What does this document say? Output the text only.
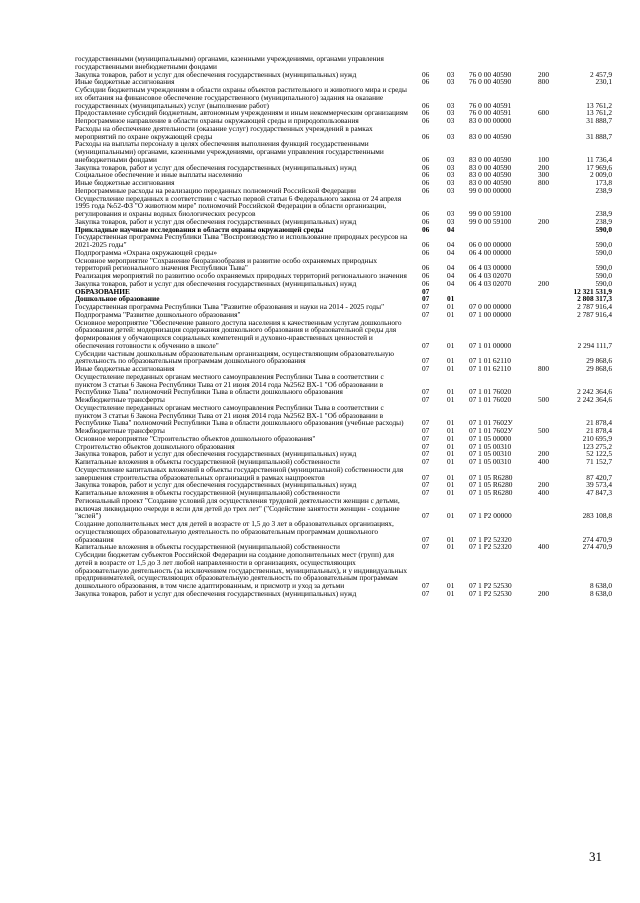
государственными (муниципальными) органами, казенными учреждениями, органами управления государственными внебюджетными фондами
Закупка товаров, работ и услуг для обеспечения государственных (муниципальных) нужд	06 03 76 0 00 40590	200	2 457,9
Иные бюджетные ассигнования	06 03 76 0 00 40590	800	230,1
Субсидии бюджетным учреждениям в области охраны объектов растительного и животного мира и среды их обитания на финансовое обеспечение государственного (муниципального) задания на оказание государственных (муниципальных) услуг (выполнение работ)	06 03 76 0 00 40591	13 761,2
Предоставление субсидий бюджетным, автономным учреждениям и иным некоммерческим организациям 06 03 76 0 00 40591	600	13 761,2
Непрограммное направление в области охраны окружающей среды и природопользования	06 03 83 0 00 00000	31 888,7
Расходы на обеспечение деятельности (оказание услуг) государственных учреждений в рамках мероприятий по охране окружающей среды	06 03 83 0 00 40590	31 888,7
Расходы на выплаты персоналу в целях обеспечения выполнения функций государственными (муниципальными) органами, казенными учреждениями, органами управления государственными внебюджетными фондами	06 03 83 0 00 40590	100	11 736,4
Закупка товаров, работ и услуг для обеспечения государственных (муниципальных) нужд	06 03 83 0 00 40590	200	17 969,6
Социальное обеспечение и иные выплаты населению	06 03 83 0 00 40590	300	2 009,0
Иные бюджетные ассигнования	06 03 83 0 00 40590	800	173,8
Непрограммные расходы на реализацию переданных полномочий Российской Федерации	06 03 99 0 00 00000	238,9
Осуществление переданных в соответствии с частью первой статьи 6 Федерального закона от 24 апреля 1995 года №52-ФЗ "О животном мире" полномочий Российской Федерации в области организации, регулирования и охраны водных биологических ресурсов	06 03 99 0 00 59100	238,9
Закупка товаров, работ и услуг для обеспечения государственных (муниципальных) нужд	06 03 99 0 00 59100	200	238,9
Прикладные научные исследования в области охраны окружающей среды	06 04	590,0
Государственная программа Республики Тыва "Воспроизводство и использование природных ресурсов на 2021-2025 годы"	06 04 06 0 00 00000	590,0
Подпрограмма «Охрана окружающей среды»	06 04 06 4 00 00000	590,0
Основное мероприятие "Сохранение биоразнообразия и развитие особо охраняемых природных территорий регионального значения Республики Тыва"	06 04 06 4 03 00000	590,0
Реализация мероприятий по развитию особо охраняемых природных территорий регионального значения	06 04 06 4 03 02070	590,0
Закупка товаров, работ и услуг для обеспечения государственных (муниципальных) нужд	06 04 06 4 03 02070	200	590,0
ОБРАЗОВАНИЕ	07	12 321 531,9
Дошкольное образование	07 01	2 808 317,3
Государственная программа Республики Тыва "Развитие образования и науки на 2014 - 2025 годы"	07 01 07 0 00 00000	2 787 916,4
Подпрограмма "Развитие дошкольного образования"	07 01 07 1 00 00000	2 787 916,4
Основное мероприятие "Обеспечение равного доступа населения к качественным услугам дошкольного образования детей: модернизация содержания дошкольного образования и образовательной среды для формирования у обучающихся социальных компетенций и духовно-нравственных ценностей и обеспечения готовности к обучению в школе"	07 01 07 1 01 00000	2 294 111,7
Субсидии частным дошкольным образовательным организациям, осуществляющим образовательную деятельность по образовательным программам дошкольного образования	07 01 07 1 01 62110	29 868,6
Иные бюджетные ассигнования	07 01 07 1 01 62110	800	29 868,6
Осуществление переданных органам местного самоуправления Республики Тыва в соответствии с пунктом 3 статьи 6 Закона Республики Тыва от 21 июня 2014 года №2562 ВХ-1 "Об образовании в Республике Тыва" полномочий Республики Тыва в области дошкольного образования	07 01 07 1 01 76020	2 242 364,6
Межбюджетные трансферты	07 01 07 1 01 76020	500	2 242 364,6
Осуществление переданных органам местного самоуправления Республики Тыва в соответствии с пунктом 3 статьи 6 Закона Республики Тыва от 21 июня 2014 года №2562 ВХ-1 "Об образовании в Республике Тыва" полномочий Республики Тыва в области дошкольного образования (учебные расходы)	07 01 07 1 01 7602У	21 878,4
Межбюджетные трансферты	07 01 07 1 01 7602У	500	21 878,4
Основное мероприятие "Строительство объектов дошкольного образования"	07 01 07 1 05 00000	210 695,9
Строительство объектов дошкольного образования	07 01 07 1 05 00310	123 275,2
Закупка товаров, работ и услуг для обеспечения государственных (муниципальных) нужд	07 01 07 1 05 00310	200	52 122,5
Капитальные вложения в объекты государственной (муниципальной) собственности	07 01 07 1 05 00310	400	71 152,7
Осуществление капитальных вложений в объекты государственной (муниципальной) собственности для завершения строительства образовательных организаций в рамках нацпроектов	07 01 07 1 05 R6280	87 420,7
Закупка товаров, работ и услуг для обеспечения государственных (муниципальных) нужд	07 01 07 1 05 R6280	200	39 573,4
Капитальные вложения в объекты государственной (муниципальной) собственности	07 01 07 1 05 R6280	400	47 847,3
Региональный проект "Создание условий для осуществления трудовой деятельности женщин с детьми, включая ликвидацию очереди в ясли для детей до трех лет" ("Содействие занятости женщин - создание "яслей")	07 01 07 1 P2 00000	283 108,8
Создание дополнительных мест для детей в возрасте от 1,5 до 3 лет в образовательных организациях, осуществляющих образовательную деятельность по образовательным программам дошкольного образования	07 01 07 1 P2 52320	274 470,9
Капитальные вложения в объекты государственной (муниципальной) собственности	07 01 07 1 P2 52320	400	274 470,9
Субсидии бюджетам субъектов Российской Федерации на создание дополнительных мест (групп) для детей в возрасте от 1,5 до 3 лет любой направленности в организациях, осуществляющих образовательную деятельность (за исключением государственных, муниципальных), и у индивидуальных предпринимателей, осуществляющих образовательную деятельность по образовательным программам дошкольного образования, в том числе адаптированным, и присмотр и уход за детьми	07 01 07 1 P2 52530	8 638,0
Закупка товаров, работ и услуг для обеспечения государственных (муниципальных) нужд	07 01 07 1 P2 52530	200	8 638,0
31
